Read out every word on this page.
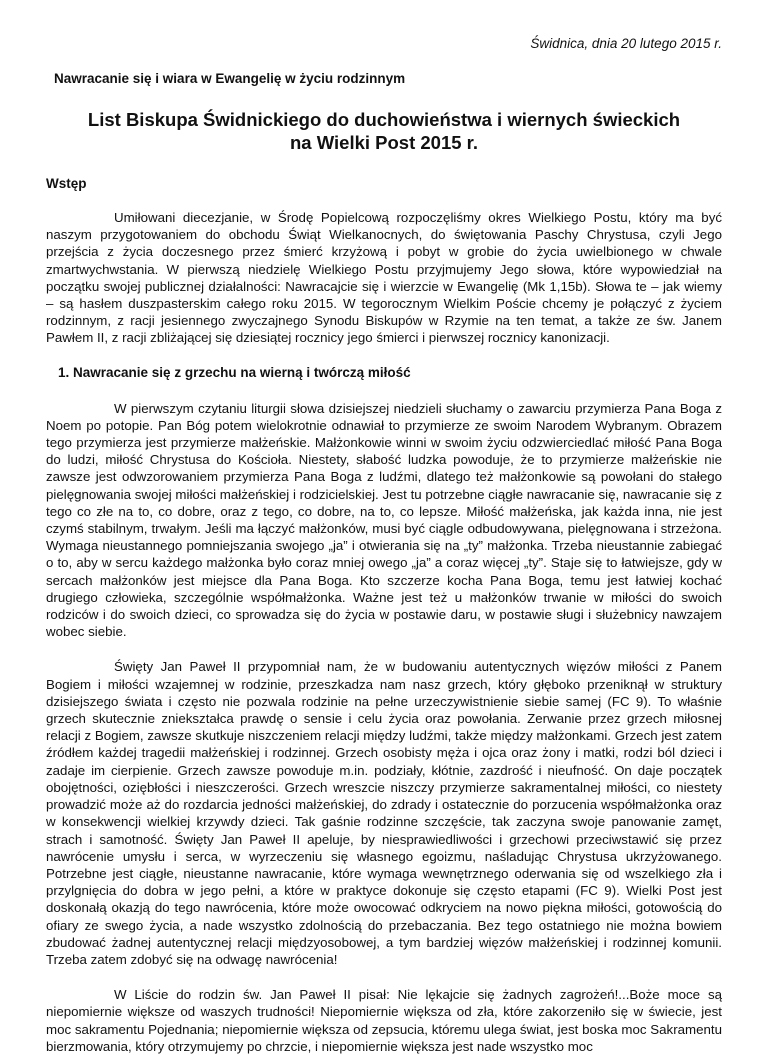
Świdnica, dnia 20 lutego 2015 r.
Nawracanie się i wiara w Ewangelię w życiu rodzinnym
List Biskupa Świdnickiego do duchowieństwa i wiernych świeckich
na Wielki Post 2015 r.
Wstęp

Umiłowani diecezjanie, w Środę Popielcową rozpoczęliśmy okres Wielkiego Postu, który ma być naszym przygotowaniem do obchodu Świąt Wielkanocnych, do świętowania Paschy Chrystusa, czyli Jego przejścia z życia doczesnego przez śmierć krzyżową i pobyt w grobie do życia uwielbionego w chwale zmartwychwstania. W pierwszą niedzielę Wielkiego Postu przyjmujemy Jego słowa, które wypowiedział na początku swojej publicznej działalności: Nawracajcie się i wierzcie w Ewangelię (Mk 1,15b). Słowa te – jak wiemy – są hasłem duszpasterskim całego roku 2015. W tegorocznym Wielkim Poście chcemy je połączyć z życiem rodzinnym, z racji jesiennego zwyczajnego Synodu Biskupów w Rzymie na ten temat, a także ze św. Janem Pawłem II, z racji zbliżającej się dziesiątej rocznicy jego śmierci i pierwszej rocznicy kanonizacji.

1. Nawracanie się z grzechu na wierną i twórczą miłość

W pierwszym czytaniu liturgii słowa dzisiejszej niedzieli słuchamy o zawarciu przymierza Pana Boga z Noem po potopie. Pan Bóg potem wielokrotnie odnawiał to przymierze ze swoim Narodem Wybranym. Obrazem tego przymierza jest przymierze małżeńskie. Małżonkowie winni w swoim życiu odzwierciedlać miłość Pana Boga do ludzi, miłość Chrystusa do Kościoła. Niestety, słabość ludzka powoduje, że to przymierze małżeńskie nie zawsze jest odwzorowaniem przymierza Pana Boga z ludźmi, dlatego też małżonkowie są powołani do stałego pielęgnowania swojej miłości małżeńskiej i rodzicielskiej. Jest tu potrzebne ciągłe nawracanie się, nawracanie się z tego co złe na to, co dobre, oraz z tego, co dobre, na to, co lepsze. Miłość małżeńska, jak każda inna, nie jest czymś stabilnym, trwałym. Jeśli ma łączyć małżonków, musi być ciągle odbudowywana, pielęgnowana i strzeżona. Wymaga nieustannego pomniejszania swojego „ja” i otwierania się na „ty” małżonka. Trzeba nieustannie zabiegać o to, aby w sercu każdego małżonka było coraz mniej owego „ja” a coraz więcej „ty”. Staje się to łatwiejsze, gdy w sercach małżonków jest miejsce dla Pana Boga. Kto szczerze kocha Pana Boga, temu jest łatwiej kochać drugiego człowieka, szczególnie współmałżonka. Ważne jest też u małżonków trwanie w miłości do swoich rodziców i do swoich dzieci, co sprowadza się do życia w postawie daru, w postawie sługi i służebnicy nawzajem wobec siebie.

Święty Jan Paweł II przypomniał nam, że w budowaniu autentycznych więzów miłości z Panem Bogiem i miłości wzajemnej w rodzinie, przeszkadza nam nasz grzech, który głęboko przeniknął w struktury dzisiejszego świata i często nie pozwala rodzinie na pełne urzeczywistnienie siebie samej (FC 9). To właśnie grzech skutecznie zniekształca prawdę o sensie i celu życia oraz powołania. Zerwanie przez grzech miłosnej relacji z Bogiem, zawsze skutkuje niszczeniem relacji między ludźmi, także między małżonkami. Grzech jest zatem źródłem każdej tragedii małżeńskiej i rodzinnej. Grzech osobisty męża i ojca oraz żony i matki, rodzi ból dzieci i zadaje im cierpienie. Grzech zawsze powoduje m.in. podziały, kłótnie, zazdrość i nieufność. On daje początek obojętności, oziębłości i nieszczerości. Grzech wreszcie niszczy przymierze sakramentalnej miłości, co niestety prowadzić może aż do rozdarcia jedności małżeńskiej, do zdrady i ostatecznie do porzucenia współmałżonka oraz w konsekwencji wielkiej krzywdy dzieci. Tak gaśnie rodzinne szczęście, tak zaczyna swoje panowanie zamęt, strach i samotność. Święty Jan Paweł II apeluje, by niesprawiedliwości i grzechowi przeciwstawić się przez nawrócenie umysłu i serca, w wyrzeczeniu się własnego egoizmu, naśladując Chrystusa ukrzyżowanego. Potrzebne jest ciągłe, nieustanne nawracanie, które wymaga wewnętrznego oderwania się od wszelkiego zła i przylgnięcia do dobra w jego pełni, a które w praktyce dokonuje się często etapami (FC 9). Wielki Post jest doskonałą okazją do tego nawrócenia, które może owocować odkryciem na nowo piękna miłości, gotowością do ofiary ze swego życia, a nade wszystko zdolnością do przebaczania. Bez tego ostatniego nie można bowiem zbudować żadnej autentycznej relacji międzyosobowej, a tym bardziej więzów małżeńskiej i rodzinnej komunii. Trzeba zatem zdobyć się na odwagę nawrócenia!

W Liście do rodzin św. Jan Paweł II pisał: Nie lękajcie się żadnych zagrożeń!...Boże moce są niepomiernie większe od waszych trudności! Niepomiernie większa od zła, które zakorzeniło się w świecie, jest moc sakramentu Pojednania; niepomiernie większa od zepsucia, któremu ulega świat, jest boska moc Sakramentu bierzmowania, który otrzymujemy po chrzcie, i niepomiernie większa jest nade wszystko moc
